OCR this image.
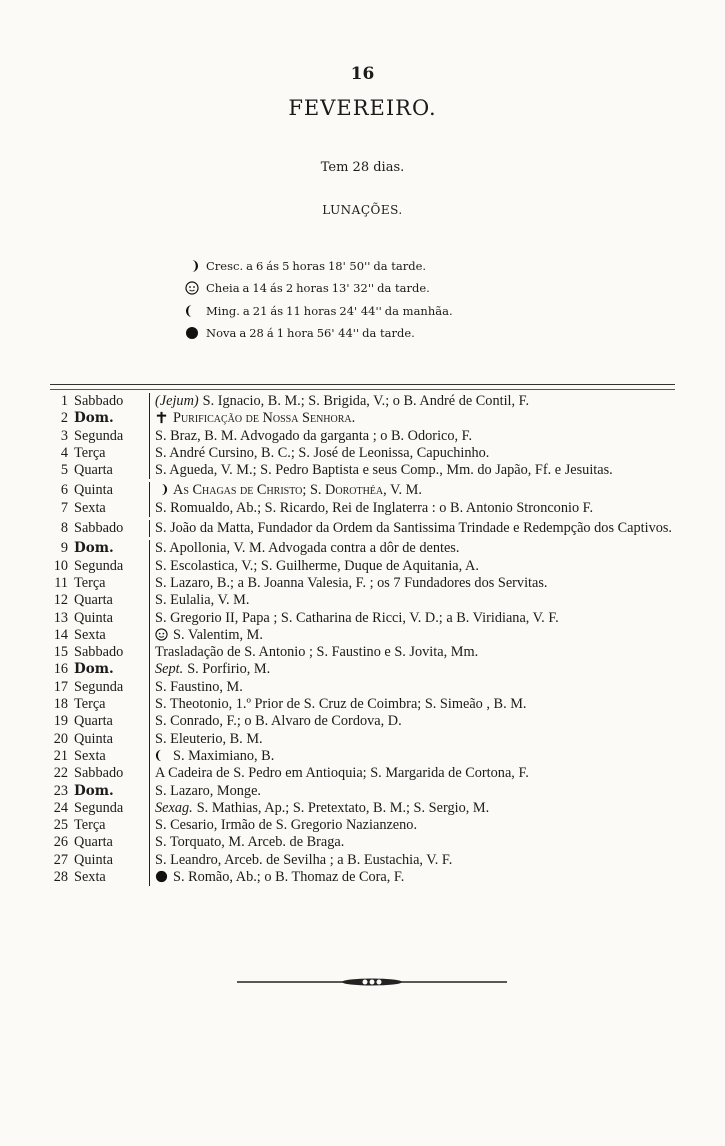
16
FEVEREIRO.
Tem 28 dias.
LUNAÇÕES.
Cresc. a 6 ás 5 horas 18' 50'' da tarde.
Cheia a 14 ás 2 horas 13' 32'' da tarde.
Ming. a 21 ás 11 horas 24' 44'' da manhãa.
Nova a 28 á 1 hora 56' 44'' da tarde.
1 Sabbado	(Jejum) S. Ignacio, B. M.; S. Brigida, V.; o B. André de Contil, F.
2 Dom.	Purificação de Nossa Senhora.
3 Segunda	S. Braz, B. M. Advogado da garganta ; o B. Odorico, F.
4 Terça	S. André Cursino, B. C.; S. José de Leonissa, Capuchinho.
5 Quarta	S. Agueda, V. M.; S. Pedro Baptista e seus Comp., Mm. do Japão, Ff. e Jesuitas.
6 Quinta	As Chagas de Christo; S. Dorothéa, V. M.
7 Sexta	S. Romualdo, Ab.; S. Ricardo, Rei de Inglaterra : o B. Antonio Stronconio F.
8 Sabbado	S. João da Matta, Fundador da Ordem da Santissima Trindade e Redempção dos Captivos.
9 Dom.	S. Apollonia, V. M. Advogada contra a dôr de dentes.
10 Segunda	S. Escolastica, V.; S. Guilherme, Duque de Aquitania, A.
11 Terça	S. Lazaro, B.; a B. Joanna Valesia, F. ; os 7 Fundadores dos Servitas.
12 Quarta	S. Eulalia, V. M.
13 Quinta	S. Gregorio II, Papa ; S. Catharina de Ricci, V. D.; a B. Viridiana, V. F.
14 Sexta	S. Valentim, M.
15 Sabbado	Trasladação de S. Antonio ; S. Faustino e S. Jovita, Mm.
16 Dom.	Sept. S. Porfirio, M.
17 Segunda	S. Faustino, M.
18 Terça	S. Theotonio, 1.º Prior de S. Cruz de Coimbra; S. Simeão , B. M.
19 Quarta	S. Conrado, F.; o B. Alvaro de Cordova, D.
20 Quinta	S. Eleuterio, B. M.
21 Sexta	S. Maximiano, B.
22 Sabbado	A Cadeira de S. Pedro em Antioquia; S. Margarida de Cortona, F.
23 Dom.	S. Lazaro, Monge.
24 Segunda	Sexag. S. Mathias, Ap.; S. Pretextato, B. M.; S. Sergio, M.
25 Terça	S. Cesario, Irmão de S. Gregorio Nazianzeno.
26 Quarta	S. Torquato, M. Arceb. de Braga.
27 Quinta	S. Leandro, Arceb. de Sevilha ; a B. Eustachia, V. F.
28 Sexta	S. Romão, Ab.; o B. Thomaz de Cora, F.
